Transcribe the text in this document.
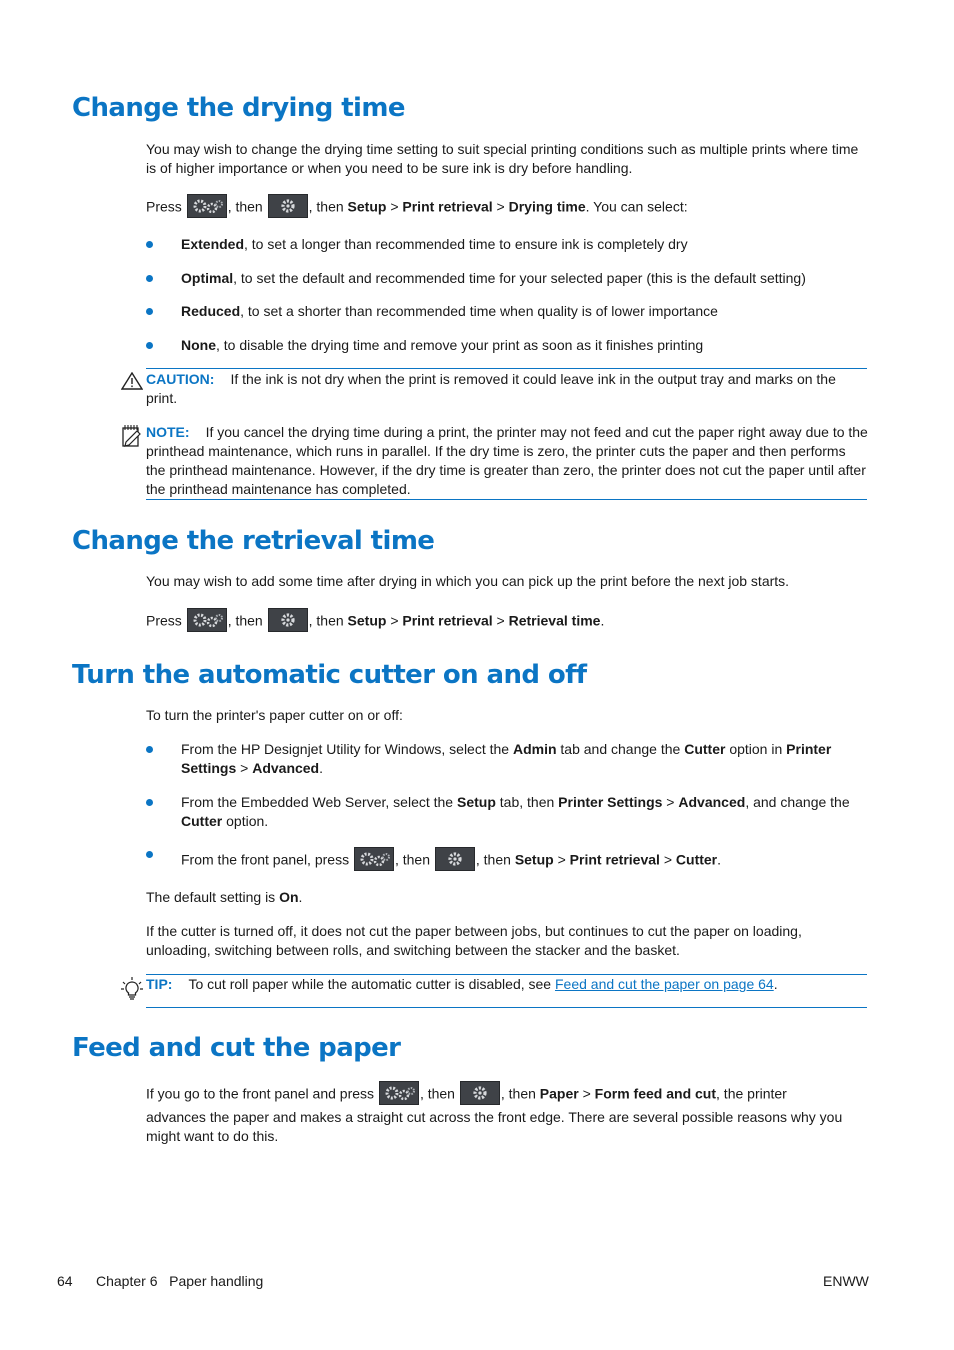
Change the drying time
You may wish to change the drying time setting to suit special printing conditions such as multiple prints where time is of higher importance or when you need to be sure ink is dry before handling.
Press	, then	, then Setup > Print retrieval > Drying time. You can select:
Extended, to set a longer than recommended time to ensure ink is completely dry
Optimal, to set the default and recommended time for your selected paper (this is the default setting)
Reduced, to set a shorter than recommended time when quality is of lower importance
None, to disable the drying time and remove your print as soon as it finishes printing
CAUTION: If the ink is not dry when the print is removed it could leave ink in the output tray and marks on the print.
NOTE: If you cancel the drying time during a print, the printer may not feed and cut the paper right away due to the printhead maintenance, which runs in parallel. If the dry time is zero, the printer cuts the paper and then performs the printhead maintenance. However, if the dry time is greater than zero, the printer does not cut the paper until after the printhead maintenance has completed.
Change the retrieval time
You may wish to add some time after drying in which you can pick up the print before the next job starts.
Press	, then	, then Setup > Print retrieval > Retrieval time.
Turn the automatic cutter on and off
To turn the printer's paper cutter on or off:
From the HP Designjet Utility for Windows, select the Admin tab and change the Cutter option in Printer Settings > Advanced.
From the Embedded Web Server, select the Setup tab, then Printer Settings > Advanced, and change the Cutter option.
From the front panel, press	, then	, then Setup > Print retrieval > Cutter.
The default setting is On.
If the cutter is turned off, it does not cut the paper between jobs, but continues to cut the paper on loading, unloading, switching between rolls, and switching between the stacker and the basket.
TIP: To cut roll paper while the automatic cutter is disabled, see Feed and cut the paper on page 64.
Feed and cut the paper
If you go to the front panel and press	, then	, then Paper > Form feed and cut, the printer
advances the paper and makes a straight cut across the front edge. There are several possible reasons why you might want to do this.
64 Chapter 6   Paper handling	ENWW
